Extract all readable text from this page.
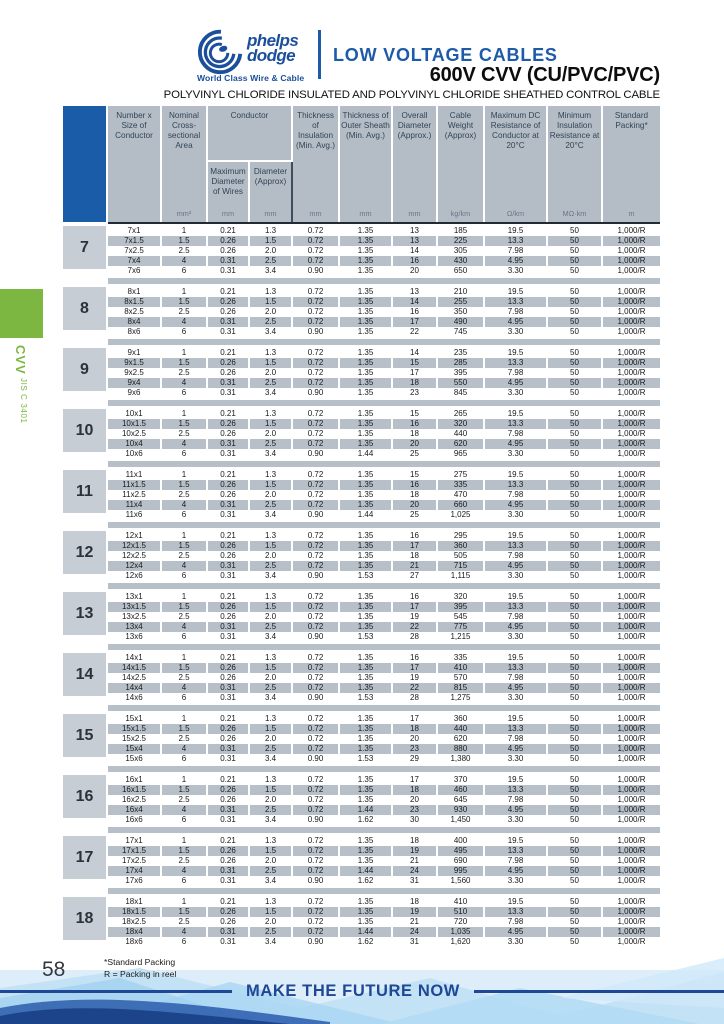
phelps
dodge
World Class Wire & Cable
LOW VOLTAGE CABLES
600V CVV (CU/PVC/PVC)
POLYVINYL CHLORIDE INSULATED AND POLYVINYL CHLORIDE SHEATHED CONTROL CABLE
CVV
JIS C 3401
Number x Size of Conductor
Nominal Cross-sectional Area
mm²
Conductor
Maximum Diameter of Wires
mm
Diameter (Approx)
mm
Thickness of Insulation (Min. Avg.)
mm
Thickness of Outer Sheath (Min. Avg.)
mm
Overall Diameter (Approx.)
mm
Cable Weight (Approx)
kg/km
Maximum DC Resistance of Conductor at 20°C
Ω/km
Minimum Insulation Resistance at 20°C
MΩ·km
Standard Packing*
m
7
7x1	1	0.21	1.3	0.72	1.35	13	185	19.5	50	1,000/R
7x1.5	1.5	0.26	1.5	0.72	1.35	13	225	13.3	50	1,000/R
7x2.5	2.5	0.26	2.0	0.72	1.35	14	305	7.98	50	1,000/R
7x4	4	0.31	2.5	0.72	1.35	16	430	4.95	50	1,000/R
7x6	6	0.31	3.4	0.90	1.35	20	650	3.30	50	1,000/R
8
8x1	1	0.21	1.3	0.72	1.35	13	210	19.5	50	1,000/R
8x1.5	1.5	0.26	1.5	0.72	1.35	14	255	13.3	50	1,000/R
8x2.5	2.5	0.26	2.0	0.72	1.35	16	350	7.98	50	1,000/R
8x4	4	0.31	2.5	0.72	1.35	17	490	4.95	50	1,000/R
8x6	6	0.31	3.4	0.90	1.35	22	745	3.30	50	1,000/R
9
9x1	1	0.21	1.3	0.72	1.35	14	235	19.5	50	1,000/R
9x1.5	1.5	0.26	1.5	0.72	1.35	15	285	13.3	50	1,000/R
9x2.5	2.5	0.26	2.0	0.72	1.35	17	395	7.98	50	1,000/R
9x4	4	0.31	2.5	0.72	1.35	18	550	4.95	50	1,000/R
9x6	6	0.31	3.4	0.90	1.35	23	845	3.30	50	1,000/R
10
10x1	1	0.21	1.3	0.72	1.35	15	265	19.5	50	1,000/R
10x1.5	1.5	0.26	1.5	0.72	1.35	16	320	13.3	50	1,000/R
10x2.5	2.5	0.26	2.0	0.72	1.35	18	440	7.98	50	1,000/R
10x4	4	0.31	2.5	0.72	1.35	20	620	4.95	50	1,000/R
10x6	6	0.31	3.4	0.90	1.44	25	965	3.30	50	1,000/R
11
11x1	1	0.21	1.3	0.72	1.35	15	275	19.5	50	1,000/R
11x1.5	1.5	0.26	1.5	0.72	1.35	16	335	13.3	50	1,000/R
11x2.5	2.5	0.26	2.0	0.72	1.35	18	470	7.98	50	1,000/R
11x4	4	0.31	2.5	0.72	1.35	20	660	4.95	50	1,000/R
11x6	6	0.31	3.4	0.90	1.44	25	1,025	3.30	50	1,000/R
12
12x1	1	0.21	1.3	0.72	1.35	16	295	19.5	50	1,000/R
12x1.5	1.5	0.26	1.5	0.72	1.35	17	360	13.3	50	1,000/R
12x2.5	2.5	0.26	2.0	0.72	1.35	18	505	7.98	50	1,000/R
12x4	4	0.31	2.5	0.72	1.35	21	715	4.95	50	1,000/R
12x6	6	0.31	3.4	0.90	1.53	27	1,115	3.30	50	1,000/R
13
13x1	1	0.21	1.3	0.72	1.35	16	320	19.5	50	1,000/R
13x1.5	1.5	0.26	1.5	0.72	1.35	17	395	13.3	50	1,000/R
13x2.5	2.5	0.26	2.0	0.72	1.35	19	545	7.98	50	1,000/R
13x4	4	0.31	2.5	0.72	1.35	22	775	4.95	50	1,000/R
13x6	6	0.31	3.4	0.90	1.53	28	1,215	3.30	50	1,000/R
14
14x1	1	0.21	1.3	0.72	1.35	16	335	19.5	50	1,000/R
14x1.5	1.5	0.26	1.5	0.72	1.35	17	410	13.3	50	1,000/R
14x2.5	2.5	0.26	2.0	0.72	1.35	19	570	7.98	50	1,000/R
14x4	4	0.31	2.5	0.72	1.35	22	815	4.95	50	1,000/R
14x6	6	0.31	3.4	0.90	1.53	28	1,275	3.30	50	1,000/R
15
15x1	1	0.21	1.3	0.72	1.35	17	360	19.5	50	1,000/R
15x1.5	1.5	0.26	1.5	0.72	1.35	18	440	13.3	50	1,000/R
15x2.5	2.5	0.26	2.0	0.72	1.35	20	620	7.98	50	1,000/R
15x4	4	0.31	2.5	0.72	1.35	23	880	4.95	50	1,000/R
15x6	6	0.31	3.4	0.90	1.53	29	1,380	3.30	50	1,000/R
16
16x1	1	0.21	1.3	0.72	1.35	17	370	19.5	50	1,000/R
16x1.5	1.5	0.26	1.5	0.72	1.35	18	460	13.3	50	1,000/R
16x2.5	2.5	0.26	2.0	0.72	1.35	20	645	7.98	50	1,000/R
16x4	4	0.31	2.5	0.72	1.44	23	930	4.95	50	1,000/R
16x6	6	0.31	3.4	0.90	1.62	30	1,450	3.30	50	1,000/R
17
17x1	1	0.21	1.3	0.72	1.35	18	400	19.5	50	1,000/R
17x1.5	1.5	0.26	1.5	0.72	1.35	19	495	13.3	50	1,000/R
17x2.5	2.5	0.26	2.0	0.72	1.35	21	690	7.98	50	1,000/R
17x4	4	0.31	2.5	0.72	1.44	24	995	4.95	50	1,000/R
17x6	6	0.31	3.4	0.90	1.62	31	1,560	3.30	50	1,000/R
18
18x1	1	0.21	1.3	0.72	1.35	18	410	19.5	50	1,000/R
18x1.5	1.5	0.26	1.5	0.72	1.35	19	510	13.3	50	1,000/R
18x2.5	2.5	0.26	2.0	0.72	1.35	21	720	7.98	50	1,000/R
18x4	4	0.31	2.5	0.72	1.44	24	1,035	4.95	50	1,000/R
18x6	6	0.31	3.4	0.90	1.62	31	1,620	3.30	50	1,000/R
58	*Standard Packing
R = Packing in reel
MAKE THE FUTURE NOW
